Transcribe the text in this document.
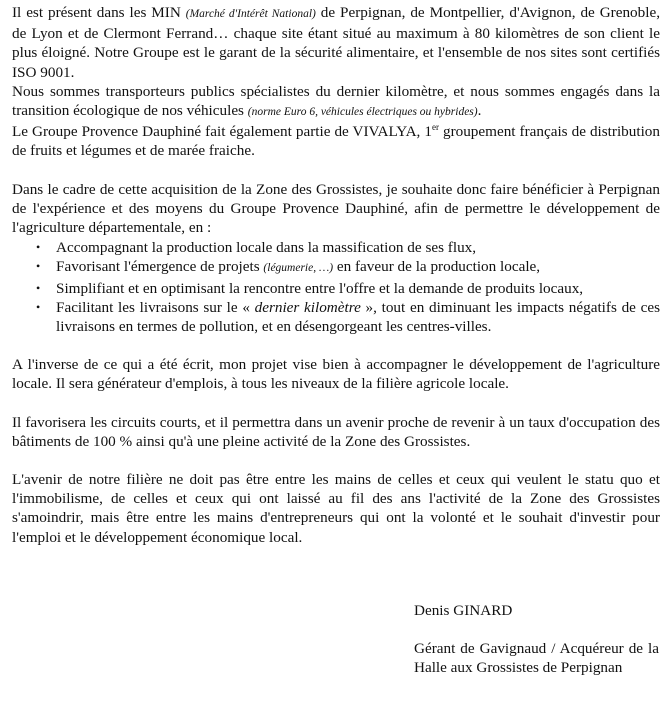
Il est présent dans les MIN (Marché d'Intérêt National) de Perpignan, de Montpellier, d'Avignon, de Grenoble, de Lyon et de Clermont Ferrand… chaque site étant situé au maximum à 80 kilomètres de son client le plus éloigné. Notre Groupe est le garant de la sécurité alimentaire, et l'ensemble de nos sites sont certifiés ISO 9001.

Nous sommes transporteurs publics spécialistes du dernier kilomètre, et nous sommes engagés dans la transition écologique de nos véhicules (norme Euro 6, véhicules électriques ou hybrides).

Le Groupe Provence Dauphiné fait également partie de VIVALYA, 1er groupement français de distribution de fruits et légumes et de marée fraiche.

Dans le cadre de cette acquisition de la Zone des Grossistes, je souhaite donc faire bénéficier à Perpignan de l'expérience et des moyens du Groupe Provence Dauphiné, afin de permettre le développement de l'agriculture départementale, en :

• Accompagnant la production locale dans la massification de ses flux,
• Favorisant l'émergence de projets (légumerie, …) en faveur de la production locale,
• Simplifiant et en optimisant la rencontre entre l'offre et la demande de produits locaux,
• Facilitant les livraisons sur le « dernier kilomètre », tout en diminuant les impacts négatifs de ces livraisons en termes de pollution, et en désengorgeant les centres-villes.

A l'inverse de ce qui a été écrit, mon projet vise bien à accompagner le développement de l'agriculture locale. Il sera générateur d'emplois, à tous les niveaux de la filière agricole locale.

Il favorisera les circuits courts, et il permettra dans un avenir proche de revenir à un taux d'occupation des bâtiments de 100 % ainsi qu'à une pleine activité de la Zone des Grossistes.

L'avenir de notre filière ne doit pas être entre les mains de celles et ceux qui veulent le statu quo et l'immobilisme, de celles et ceux qui ont laissé au fil des ans l'activité de la Zone des Grossistes s'amoindrir, mais être entre les mains d'entrepreneurs qui ont la volonté et le souhait d'investir pour l'emploi et le développement économique local.

Denis GINARD

Gérant de Gavignaud / Acquéreur de la Halle aux Grossistes de Perpignan
